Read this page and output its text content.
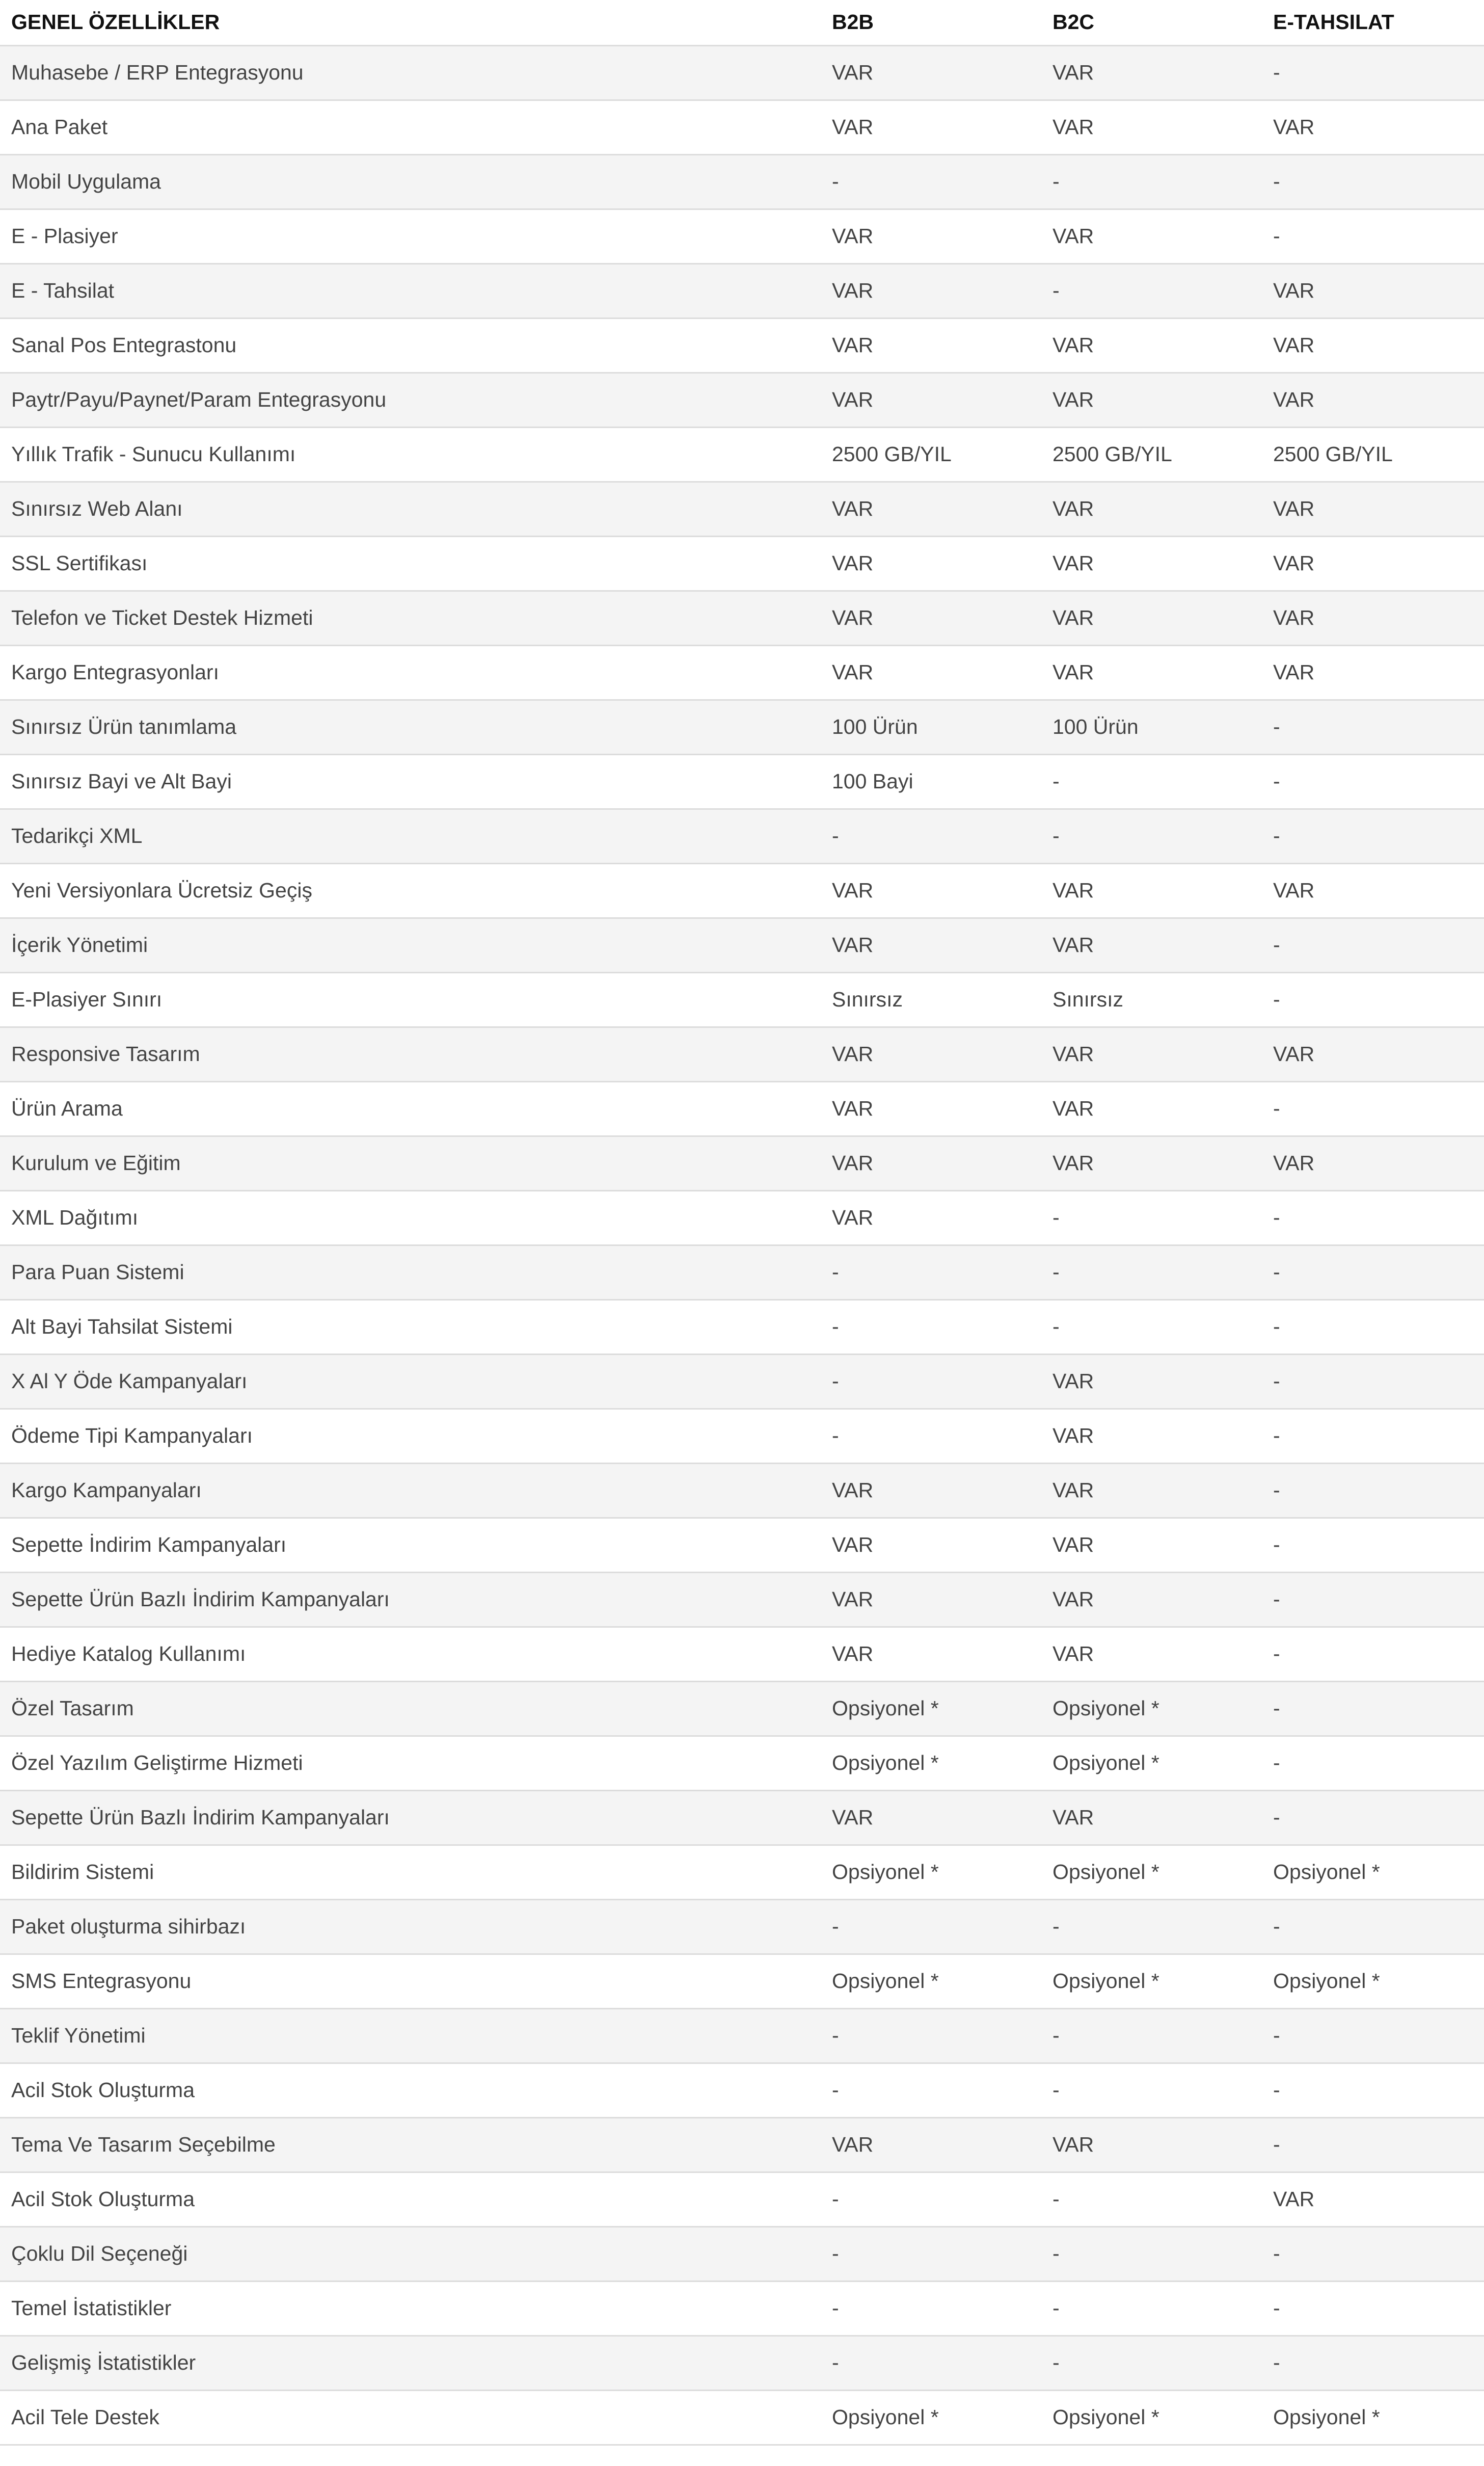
GENEL ÖZELLİKLER	B2B	B2C	E-TAHSILAT
Muhasebe / ERP Entegrasyonu	VAR	VAR	-
Ana Paket	VAR	VAR	VAR
Mobil Uygulama	-	-	-
E - Plasiyer	VAR	VAR	-
E - Tahsilat	VAR	-	VAR
Sanal Pos Entegrastonu	VAR	VAR	VAR
Paytr/Payu/Paynet/Param Entegrasyonu	VAR	VAR	VAR
Yıllık Trafik - Sunucu Kullanımı	2500 GB/YIL	2500 GB/YIL	2500 GB/YIL
Sınırsız Web Alanı	VAR	VAR	VAR
SSL Sertifikası	VAR	VAR	VAR
Telefon ve Ticket Destek Hizmeti	VAR	VAR	VAR
Kargo Entegrasyonları	VAR	VAR	VAR
Sınırsız Ürün tanımlama	100 Ürün	100 Ürün	-
Sınırsız Bayi ve Alt Bayi	100 Bayi	-	-
Tedarikçi XML	-	-	-
Yeni Versiyonlara Ücretsiz Geçiş	VAR	VAR	VAR
İçerik Yönetimi	VAR	VAR	-
E-Plasiyer Sınırı	Sınırsız	Sınırsız	-
Responsive Tasarım	VAR	VAR	VAR
Ürün Arama	VAR	VAR	-
Kurulum ve Eğitim	VAR	VAR	VAR
XML Dağıtımı	VAR	-	-
Para Puan Sistemi	-	-	-
Alt Bayi Tahsilat Sistemi	-	-	-
X Al Y Öde Kampanyaları	-	VAR	-
Ödeme Tipi Kampanyaları	-	VAR	-
Kargo Kampanyaları	VAR	VAR	-
Sepette İndirim Kampanyaları	VAR	VAR	-
Sepette Ürün Bazlı İndirim Kampanyaları	VAR	VAR	-
Hediye Katalog Kullanımı	VAR	VAR	-
Özel Tasarım	Opsiyonel *	Opsiyonel *	-
Özel Yazılım Geliştirme Hizmeti	Opsiyonel *	Opsiyonel *	-
Sepette Ürün Bazlı İndirim Kampanyaları	VAR	VAR	-
Bildirim Sistemi	Opsiyonel *	Opsiyonel *	Opsiyonel *
Paket oluşturma sihirbazı	-	-	-
SMS Entegrasyonu	Opsiyonel *	Opsiyonel *	Opsiyonel *
Teklif Yönetimi	-	-	-
Acil Stok Oluşturma	-	-	-
Tema Ve Tasarım Seçebilme	VAR	VAR	-
Acil Stok Oluşturma	-	-	VAR
Çoklu Dil Seçeneği	-	-	-
Temel İstatistikler	-	-	-
Gelişmiş İstatistikler	-	-	-
Acil Tele Destek	Opsiyonel *	Opsiyonel *	Opsiyonel *
